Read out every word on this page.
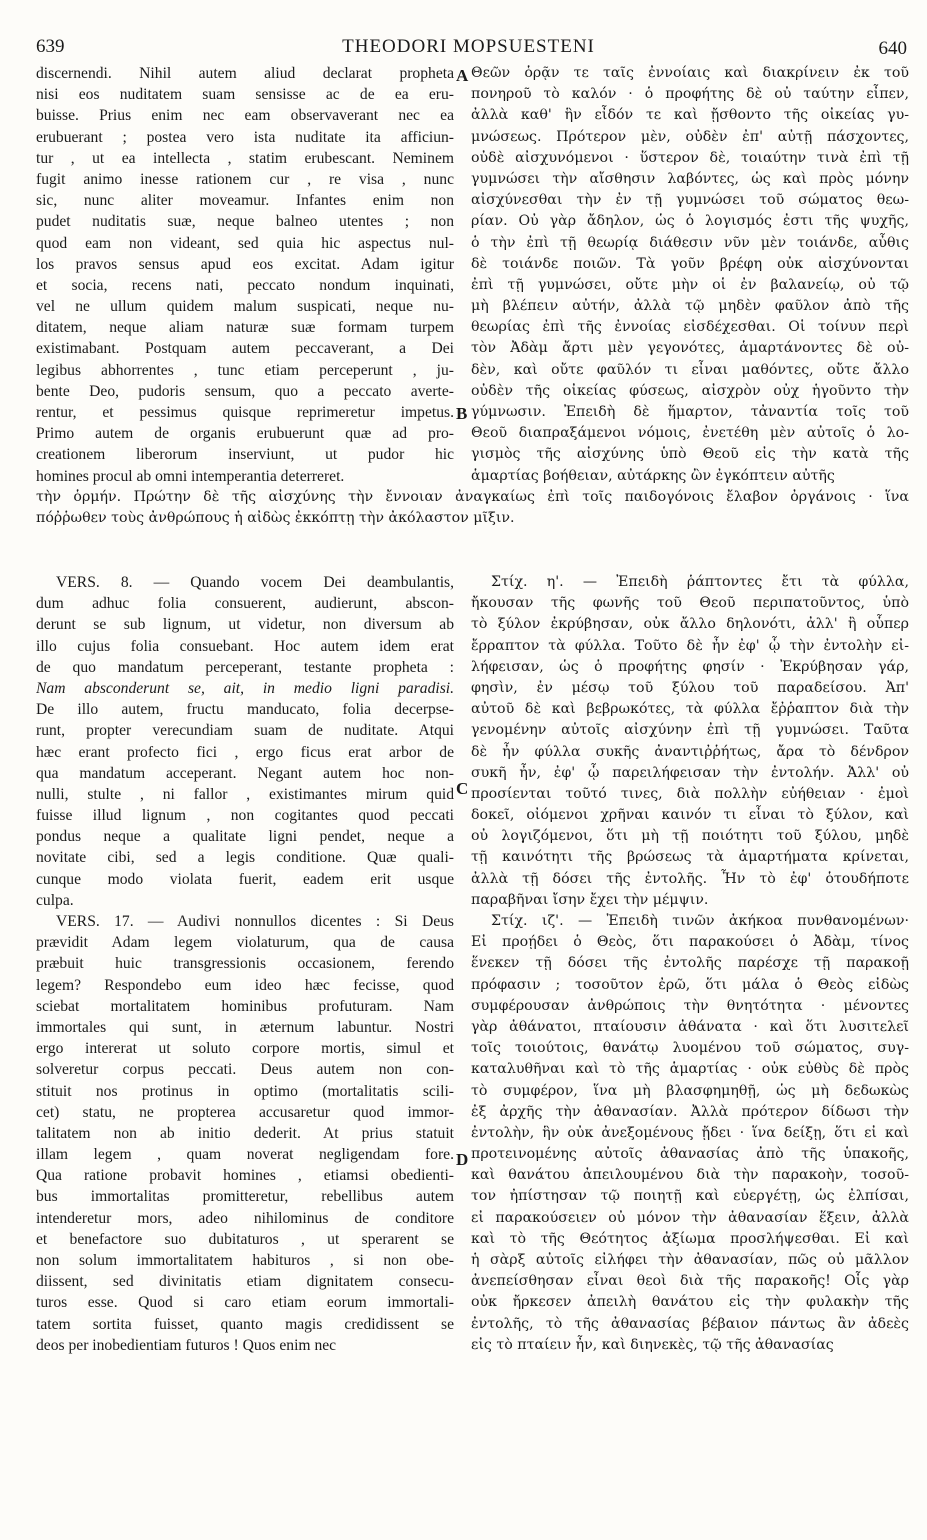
639	THEODORI MOPSUESTENI	640
discernendi. Nihil autem aliud declarat propheta
nisi eos nuditatem suam sensisse ac de ea eru-
buisse. Prius enim nec eam observaverant nec ea
erubuerant ; postea vero ista nuditate ita afficiun-
tur , ut ea intellecta , statim erubescant. Neminem
fugit animo inesse rationem cur , re visa , nunc
sic, nunc aliter moveamur. Infantes enim non
pudet nuditatis suæ, neque balneo utentes ; non
quod eam non videant, sed quia hic aspectus nul-
los pravos sensus apud eos excitat. Adam igitur
et socia, recens nati, peccato nondum inquinati,
vel ne ullum quidem malum suspicati, neque nu-
ditatem, neque aliam naturæ suæ formam turpem
existimabant. Postquam autem peccaverant, a Dei
legibus abhorrentes , tunc etiam perceperunt , ju-
bente Deo, pudoris sensum, quo a peccato averte-
rentur, et pessimus quisque reprimeretur impetus.
Primo autem de organis erubuerunt quæ ad pro-
creationem liberorum inserviunt, ut pudor hic
homines procul ab omni intemperantia deterreret.
Θεῶν ὁρᾷν τε ταῖς ἐννοίαις καὶ διακρίνειν ἐκ τοῦ
πονηροῦ τὸ καλόν · ὁ προφήτης δὲ οὐ ταύτην εἶπεν,
ἀλλὰ καθ' ἣν εἶδόν τε καὶ ᾔσθοντο τῆς οἰκείας γυ-
μνώσεως. Πρότερον μὲν, οὐδὲν ἐπ' αὐτῇ πάσχοντες,
οὐδὲ αἰσχυνόμενοι · ὕστερον δὲ, τοιαύτην τινὰ ἐπὶ τῇ
γυμνώσει τὴν αἴσθησιν λαβόντες, ὡς καὶ πρὸς μόνην
αἰσχύνεσθαι τὴν ἐν τῇ γυμνώσει τοῦ σώματος θεω-
ρίαν. Οὐ γὰρ ἄδηλον, ὡς ὁ λογισμός ἐστι τῆς ψυχῆς,
ὁ τὴν ἐπὶ τῇ θεωρίᾳ διάθεσιν νῦν μὲν τοιάνδε, αὖθις
δὲ τοιάνδε ποιῶν. Τὰ γοῦν βρέφη οὐκ αἰσχύνονται
ἐπὶ τῇ γυμνώσει, οὔτε μὴν οἱ ἐν βαλανείῳ, οὐ τῷ
μὴ βλέπειν αὐτήν, ἀλλὰ τῷ μηδὲν φαῦλον ἀπὸ τῆς
θεωρίας ἐπὶ τῆς ἐννοίας εἰσδέχεσθαι. Οἱ τοίνυν περὶ
τὸν Ἀδὰμ ἄρτι μὲν γεγονότες, ἁμαρτάνοντες δὲ οὐ-
δὲν, καὶ οὔτε φαῦλόν τι εἶναι μαθόντες, οὔτε ἄλλο
οὐδὲν τῆς οἰκείας φύσεως, αἰσχρὸν οὐχ ἡγοῦντο τὴν
γύμνωσιν. Ἐπειδὴ δὲ ἥμαρτον, τἀναντία τοῖς τοῦ
Θεοῦ διαπραξάμενοι νόμοις, ἐνετέθη μὲν αὐτοῖς ὁ λο-
γισμὸς τῆς αἰσχύνης ὑπὸ Θεοῦ εἰς τὴν κατὰ τῆς
ἁμαρτίας βοήθειαν, αὐτάρκης ὢν ἐγκόπτειν αὐτῆς
τὴν ὁρμήν. Πρώτην δὲ τῆς αἰσχύνης τὴν ἔννοιαν ἀναγκαίως ἐπὶ τοῖς παιδογόνοις ἔλαβον ὀργάνοις · ἵνα
πόῤῥωθεν τοὺς ἀνθρώπους ἡ αἰδὼς ἐκκόπτῃ τὴν ἀκόλαστον μῖξιν.
VERS. 8. — Quando vocem Dei deambulantis,
dum adhuc folia consuerent, audierunt, abscon-
derunt se sub lignum, ut videtur, non diversum ab
illo cujus folia consuebant. Hoc autem idem erat
de quo mandatum perceperant, testante propheta :
Nam absconderunt se, ait, in medio ligni paradisi.
De illo autem, fructu manducato, folia decerpse-
runt, propter verecundiam suam de nuditate. Atqui
hæc erant profecto fici , ergo ficus erat arbor de
qua mandatum acceperant. Negant autem hoc non-
nulli, stulte , ni fallor , existimantes mirum quid
fuisse illud lignum , non cogitantes quod peccati
pondus neque a qualitate ligni pendet, neque a
novitate cibi, sed a legis conditione. Quæ quali-
cunque modo violata fuerit, eadem erit usque
culpa.
VERS. 17. — Audivi nonnullos dicentes : Si Deus
prævidit Adam legem violaturum, qua de causa
præbuit huic transgressionis occasionem, ferendo
legem? Respondebo eum ideo hæc fecisse, quod
sciebat mortalitatem hominibus profuturam. Nam
immortales qui sunt, in æternum labuntur. Nostri
ergo intererat ut soluto corpore mortis, simul et
solveretur corpus peccati. Deus autem non con-
stituit nos protinus in optimo (mortalitatis scili-
cet) statu, ne propterea accusaretur quod immor-
talitatem non ab initio dederit. At prius statuit
illam legem , quam noverat negligendam fore.
Qua ratione probavit homines , etiamsi obedienti-
bus immortalitas promitteretur, rebellibus autem
intenderetur mors, adeo nihilominus de conditore
et benefactore suo dubitaturos , ut sperarent se
non solum immortalitatem habituros , si non obe-
diissent, sed divinitatis etiam dignitatem consecu-
turos esse. Quod si caro etiam eorum immortali-
tatem sortita fuisset, quanto magis credidissent se
deos per inobedientiam futuros ! Quos enim nec
Στίχ. η'. — Ἐπειδὴ ῥάπτοντες ἔτι τὰ φύλλα,
ἤκουσαν τῆς φωνῆς τοῦ Θεοῦ περιπατοῦντος, ὑπὸ
τὸ ξύλον ἐκρύβησαν, οὐκ ἄλλο δηλονότι, ἀλλ' ἢ οὗπερ
ἔρραπτον τὰ φύλλα. Τοῦτο δὲ ἦν ἐφ' ᾧ τὴν ἐντολὴν εἰ-
λήφεισαν, ὡς ὁ προφήτης φησίν · Ἐκρύβησαν γάρ,
φησὶν, ἐν μέσῳ τοῦ ξύλου τοῦ παραδείσου. Ἀπ'
αὐτοῦ δὲ καὶ βεβρωκότες, τὰ φύλλα ἔῤῥαπτον διὰ τὴν
γενομένην αὐτοῖς αἰσχύνην ἐπὶ τῇ γυμνώσει. Ταῦτα
δὲ ἦν φύλλα συκῆς ἀναντιῤῥήτως, ἄρα τὸ δένδρον
συκῆ ἦν, ἐφ' ᾧ παρειλήφεισαν τὴν ἐντολήν. Ἀλλ' οὐ
προσίενται τοῦτό τινες, διὰ πολλὴν εὐήθειαν · ἐμοὶ
δοκεῖ, οἰόμενοι χρῆναι καινόν τι εἶναι τὸ ξύλον, καὶ
οὐ λογιζόμενοι, ὅτι μὴ τῇ ποιότητι τοῦ ξύλου, μηδὲ
τῇ καινότητι τῆς βρώσεως τὰ ἁμαρτήματα κρίνεται,
ἀλλὰ τῇ δόσει τῆς ἐντολῆς. Ἦν τὸ ἐφ' ὁτουδήποτε
παραβῆναι ἴσην ἔχει τὴν μέμψιν.
Στίχ. ιζ'. — Ἐπειδὴ τινῶν ἀκήκοα πυνθανομένων·
Εἰ προῄδει ὁ Θεὸς, ὅτι παρακούσει ὁ Ἀδὰμ, τίνος
ἕνεκεν τῇ δόσει τῆς ἐντολῆς παρέσχε τῇ παρακοῇ
πρόφασιν ; τοσοῦτον ἐρῶ, ὅτι μάλα ὁ Θεὸς εἰδὼς
συμφέρουσαν ἀνθρώποις τὴν θνητότητα · μένοντες
γὰρ ἀθάνατοι, πταίουσιν ἀθάνατα · καὶ ὅτι λυσιτελεῖ
τοῖς τοιούτοις, θανάτῳ λυομένου τοῦ σώματος, συγ-
καταλυθῆναι καὶ τὸ τῆς ἁμαρτίας · οὐκ εὐθὺς δὲ πρὸς
τὸ συμφέρον, ἵνα μὴ βλασφημηθῇ, ὡς μὴ δεδωκὼς
ἐξ ἀρχῆς τὴν ἀθανασίαν. Ἀλλὰ πρότερον δίδωσι τὴν
ἐντολὴν, ἣν οὐκ ἀνεξομένους ᾔδει · ἵνα δείξῃ, ὅτι εἰ καὶ
προτεινομένης αὐτοῖς ἀθανασίας ἀπὸ τῆς ὑπακοῆς,
καὶ θανάτου ἀπειλουμένου διὰ τὴν παρακοὴν, τοσοῦ-
τον ἠπίστησαν τῷ ποιητῇ καὶ εὐεργέτῃ, ὡς ἐλπίσαι,
εἰ παρακούσειεν οὐ μόνον τὴν ἀθανασίαν ἕξειν, ἀλλὰ
καὶ τὸ τῆς Θεότητος ἀξίωμα προσλήψεσθαι. Εἰ καὶ
ἡ σὰρξ αὐτοῖς εἰλήφει τὴν ἀθανασίαν, πῶς οὐ μᾶλλον
ἀνεπείσθησαν εἶναι θεοὶ διὰ τῆς παρακοῆς! Οἷς γὰρ
οὐκ ἤρκεσεν ἀπειλὴ θανάτου εἰς τὴν φυλακὴν τῆς
ἐντολῆς, τὸ τῆς ἀθανασίας βέβαιον πάντως ἂν ἀδεὲς
εἰς τὸ πταίειν ἦν, καὶ διηνεκὲς, τῷ τῆς ἀθανασίας
A
B
C
D
